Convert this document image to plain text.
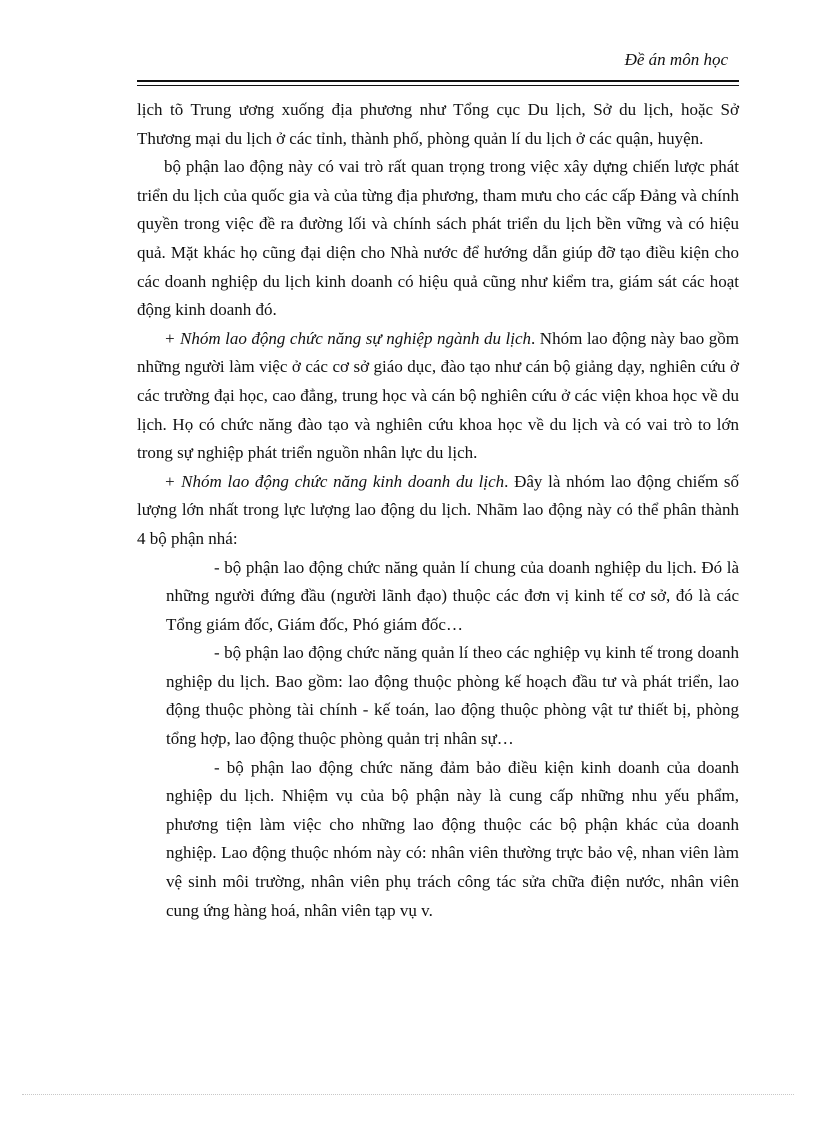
Đề án môn học

lịch tõ Trung ương xuống địa phương như Tổng cục Du lịch, Sở du lịch, hoặc Sở Thương mại du lịch ở các tỉnh, thành phố, phòng quản lí du lịch ở các quận, huyện.

bộ phận lao động này có vai trò rất quan trọng trong việc xây dựng chiến lược phát triển du lịch của quốc gia và của từng địa phương, tham mưu cho các cấp Đảng và chính quyền trong việc đề ra đường lối và chính sách phát triển du lịch bền vững và có hiệu quả. Mặt khác họ cũng đại diện cho Nhà nước để hướng dẫn giúp đỡ tạo điều kiện cho các doanh nghiệp du lịch kinh doanh có hiệu quả cũng như kiểm tra, giám sát các hoạt động kinh doanh đó.

+ Nhóm lao động chức năng sự nghiệp ngành du lịch. Nhóm lao động này bao gồm những người làm việc ở các cơ sở giáo dục, đào tạo như cán bộ giảng dạy, nghiên cứu ở các trường đại học, cao đẳng, trung học và cán bộ nghiên cứu ở các viện khoa học về du lịch. Họ có chức năng đào tạo và nghiên cứu khoa học về du lịch và có vai trò to lớn trong sự nghiệp phát triển nguồn nhân lực du lịch.

+ Nhóm lao động chức năng kinh doanh du lịch. Đây là nhóm lao động chiếm số lượng lớn nhất trong lực lượng lao động du lịch. Nhãm lao động này có thể phân thành 4 bộ phận nhá:

- bộ phận lao động chức năng quản lí chung của doanh nghiệp du lịch. Đó là những người đứng đầu (người lãnh đạo) thuộc các đơn vị kinh tế cơ sở, đó là các Tổng giám đốc, Giám đốc, Phó giám đốc…

- bộ phận lao động chức năng quản lí theo các nghiệp vụ kinh tế trong doanh nghiệp du lịch. Bao gồm: lao động thuộc phòng kế hoạch đầu tư và phát triển, lao động thuộc phòng tài chính - kế toán, lao động thuộc phòng vật tư thiết bị, phòng tổng hợp, lao động thuộc phòng quản trị nhân sự…

- bộ phận lao động chức năng đảm bảo điều kiện kinh doanh của doanh nghiệp du lịch. Nhiệm vụ của bộ phận này là cung cấp những nhu yếu phẩm, phương tiện làm việc cho những lao động thuộc các bộ phận khác của doanh nghiệp. Lao động thuộc nhóm này có: nhân viên thường trực bảo vệ, nhan viên làm vệ sinh môi trường, nhân viên phụ trách công tác sửa chữa điện nước, nhân viên cung ứng hàng hoá, nhân viên tạp vụ v.
